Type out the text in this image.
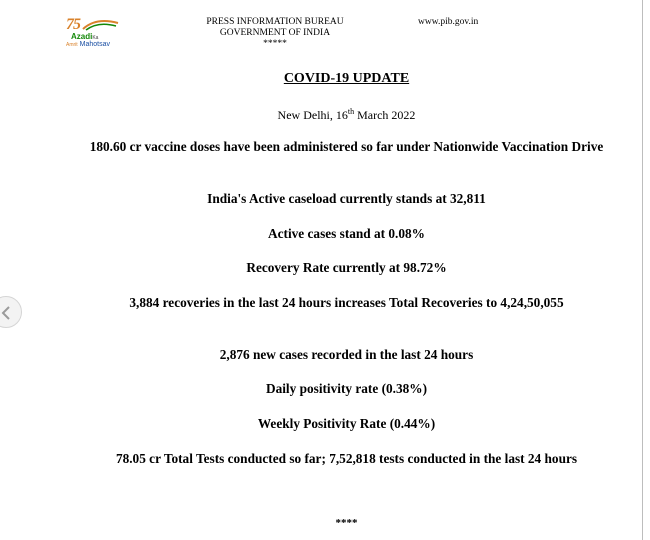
75
AzadiKa
Amrit Mahotsav
PRESS INFORMATION BUREAU
GOVERNMENT OF INDIA
*****
www.pib.gov.in
COVID-19 UPDATE
New Delhi, 16th March 2022

180.60 cr vaccine doses have been administered so far under Nationwide Vaccination Drive

India's Active caseload currently stands at 32,811

Active cases stand at 0.08%

Recovery Rate currently at 98.72%

3,884 recoveries in the last 24 hours increases Total Recoveries to 4,24,50,055

2,876 new cases recorded in the last 24 hours

Daily positivity rate (0.38%)

Weekly Positivity Rate (0.44%)

78.05 cr Total Tests conducted so far; 7,52,818 tests conducted in the last 24 hours

****
